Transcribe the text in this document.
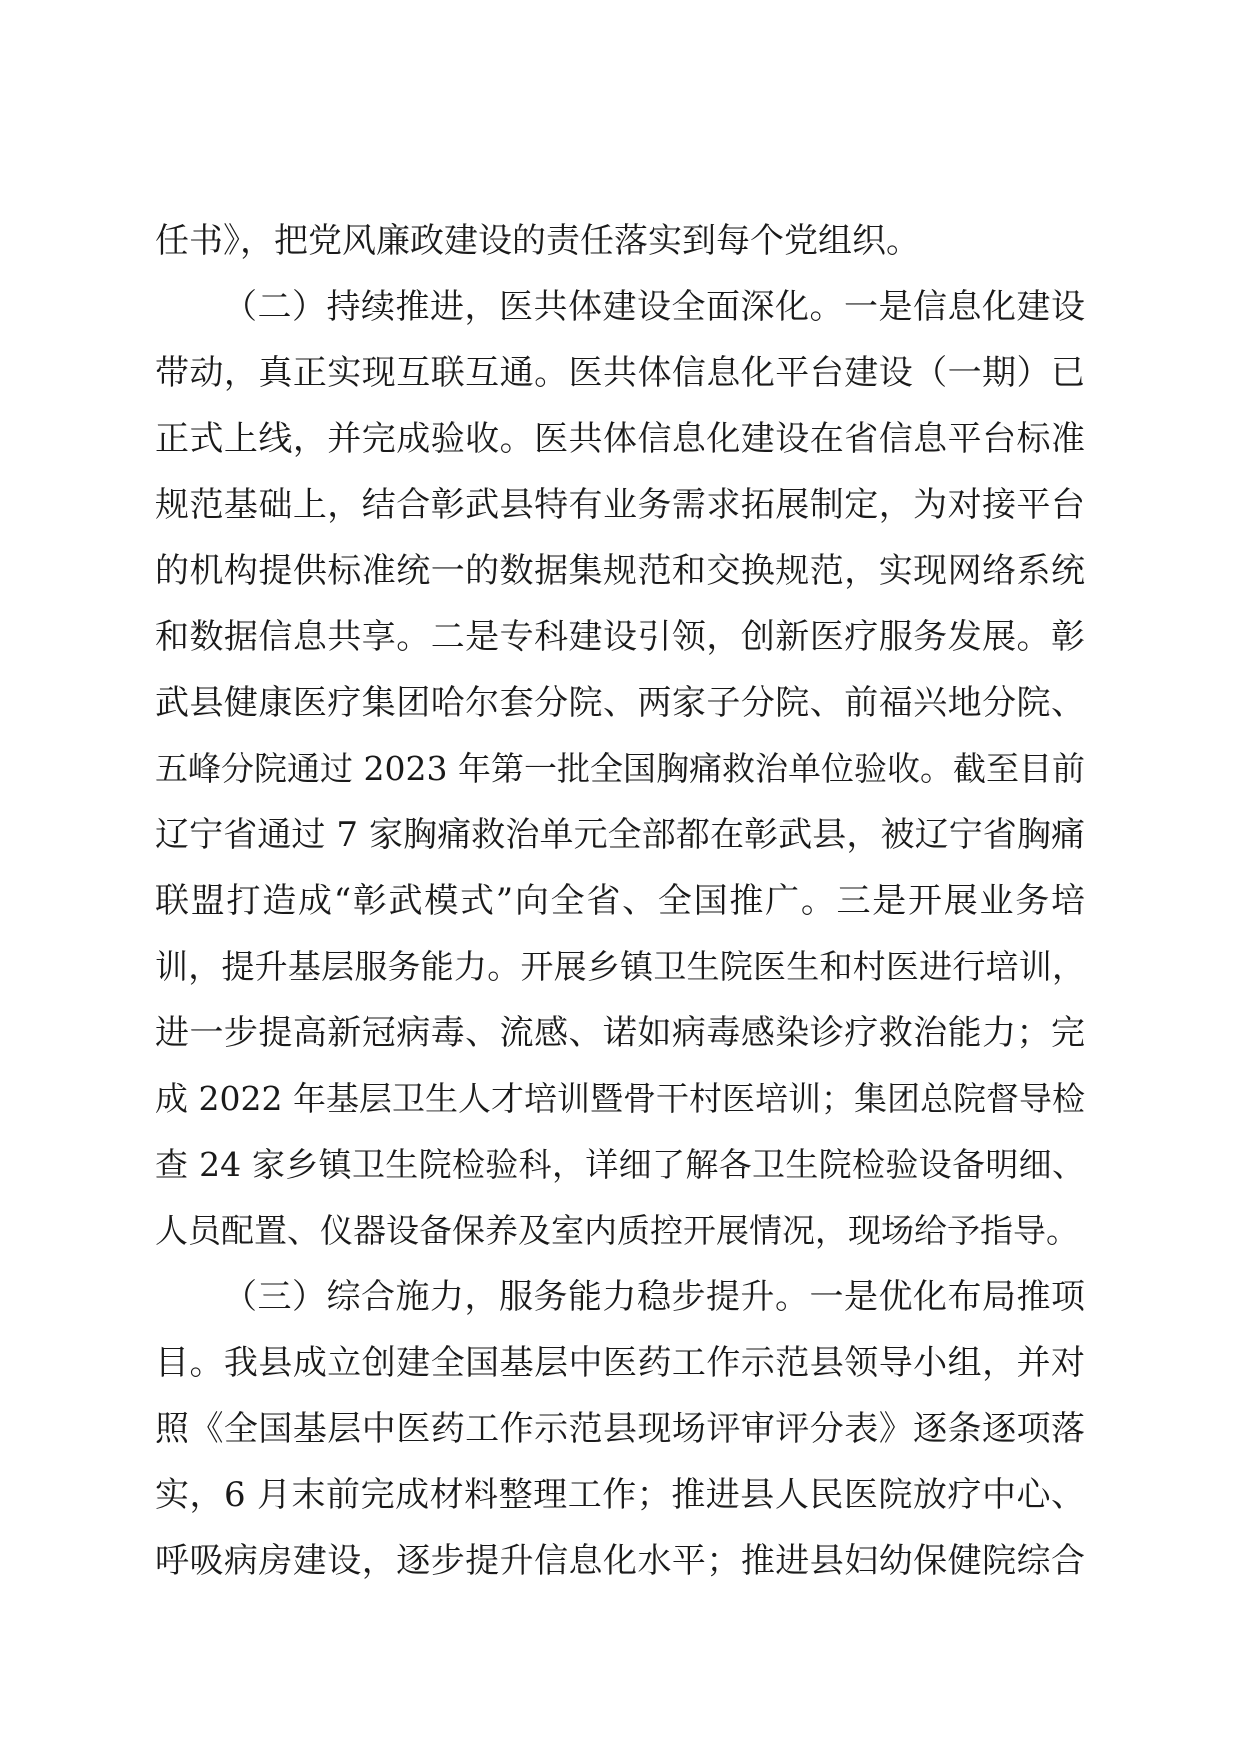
任书》，把党风廉政建设的责任落实到每个党组织。
（二）持续推进，医共体建设全面深化。一是信息化建设
带动，真正实现互联互通。医共体信息化平台建设（一期）已
正式上线，并完成验收。医共体信息化建设在省信息平台标准
规范基础上，结合彰武县特有业务需求拓展制定，为对接平台
的机构提供标准统一的数据集规范和交换规范，实现网络系统
和数据信息共享。二是专科建设引领，创新医疗服务发展。彰
武县健康医疗集团哈尔套分院、两家子分院、前福兴地分院、
五峰分院通过 2023 年第一批全国胸痛救治单位验收。截至目前
辽宁省通过 7 家胸痛救治单元全部都在彰武县，被辽宁省胸痛
联盟打造成“彰武模式”向全省、全国推广。三是开展业务培
训，提升基层服务能力。开展乡镇卫生院医生和村医进行培训，
进一步提高新冠病毒、流感、诺如病毒感染诊疗救治能力；完
成 2022 年基层卫生人才培训暨骨干村医培训；集团总院督导检
查 24 家乡镇卫生院检验科，详细了解各卫生院检验设备明细、
人员配置、仪器设备保养及室内质控开展情况，现场给予指导。
（三）综合施力，服务能力稳步提升。一是优化布局推项
目。我县成立创建全国基层中医药工作示范县领导小组，并对
照《全国基层中医药工作示范县现场评审评分表》逐条逐项落
实，6 月末前完成材料整理工作；推进县人民医院放疗中心、
呼吸病房建设，逐步提升信息化水平；推进县妇幼保健院综合
